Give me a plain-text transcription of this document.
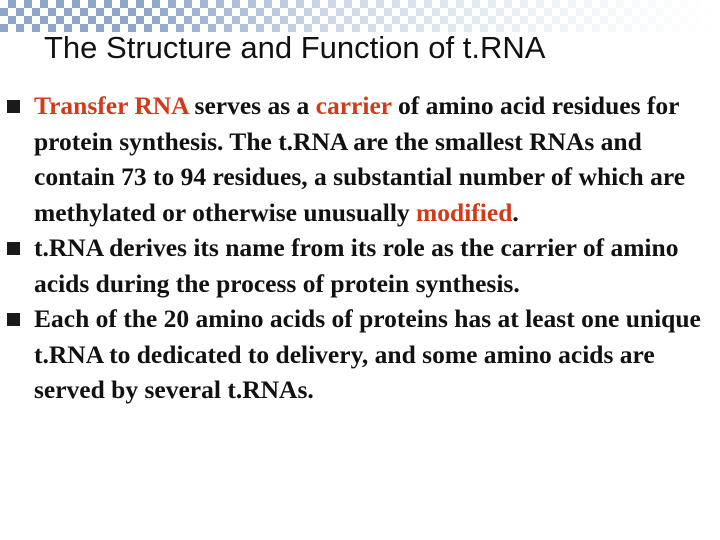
The Structure and Function of t.RNA
Transfer RNA serves as a carrier of amino acid residues for protein synthesis. The t.RNA are the smallest RNAs and contain 73 to 94 residues, a substantial number of which are methylated or otherwise unusually modified.
t.RNA derives its name from its role as the carrier of amino acids during the process of protein synthesis.
Each of the 20 amino acids of proteins has at least one unique t.RNA to dedicated to delivery, and some amino acids are served by several t.RNAs.
